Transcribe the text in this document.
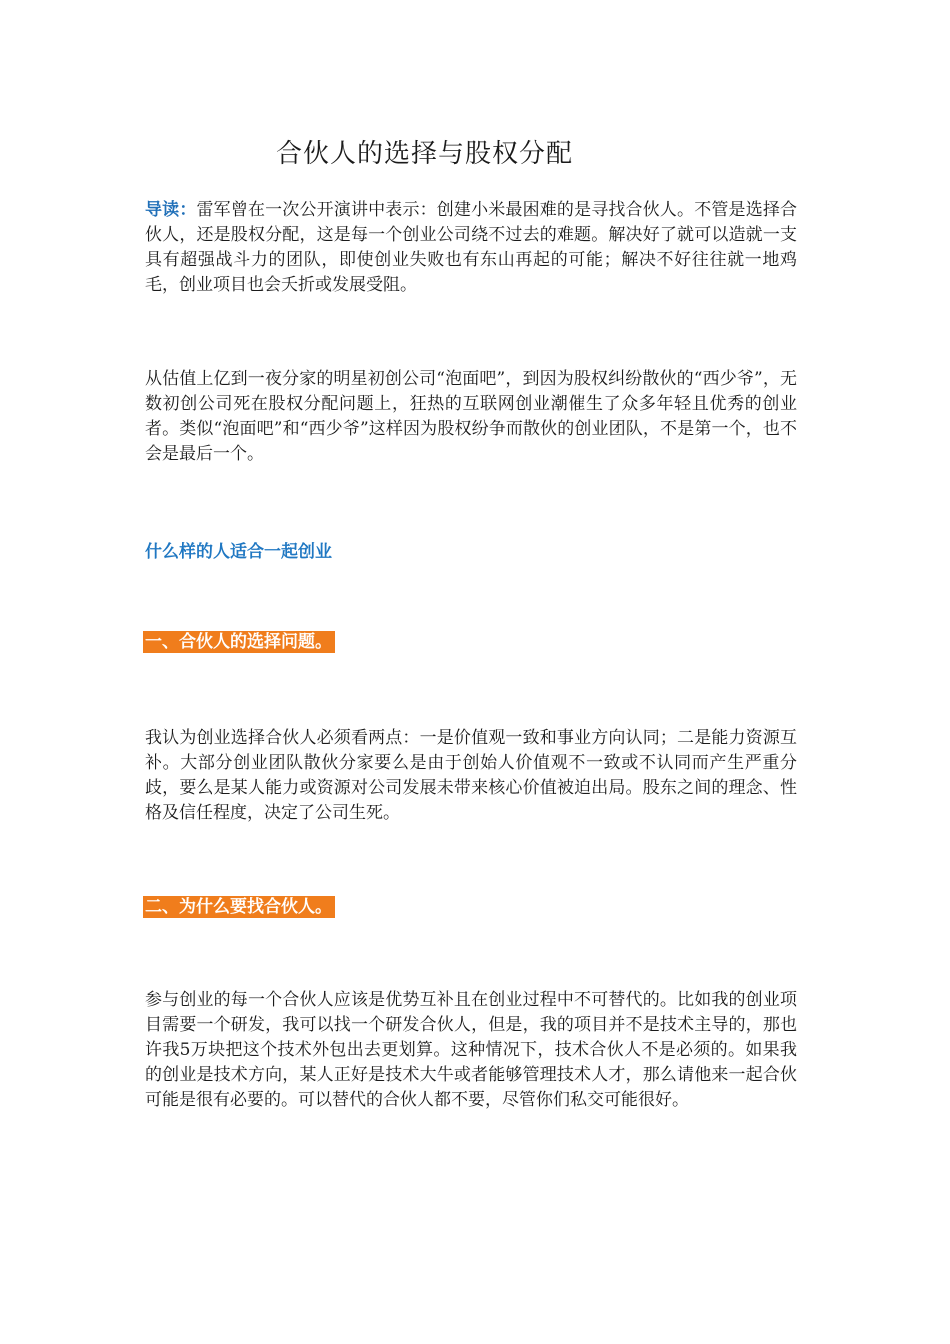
合伙人的选择与股权分配

导读：雷军曾在一次公开演讲中表示：创建小米最困难的是寻找合伙人。不管是选择合伙人，还是股权分配，这是每一个创业公司绕不过去的难题。解决好了就可以造就一支具有超强战斗力的团队，即使创业失败也有东山再起的可能；解决不好往往就一地鸡毛，创业项目也会夭折或发展受阻。

从估值上亿到一夜分家的明星初创公司“泡面吧”，到因为股权纠纷散伙的“西少爷”，无数初创公司死在股权分配问题上，狂热的互联网创业潮催生了众多年轻且优秀的创业者。类似“泡面吧”和“西少爷”这样因为股权纷争而散伙的创业团队，不是第一个，也不会是最后一个。

什么样的人适合一起创业
一、合伙人的选择问题。

我认为创业选择合伙人必须看两点：一是价值观一致和事业方向认同；二是能力资源互补。大部分创业团队散伙分家要么是由于创始人价值观不一致或不认同而产生严重分歧，要么是某人能力或资源对公司发展未带来核心价值被迫出局。股东之间的理念、性格及信任程度，决定了公司生死。

二、为什么要找合伙人。

参与创业的每一个合伙人应该是优势互补且在创业过程中不可替代的。比如我的创业项目需要一个研发，我可以找一个研发合伙人，但是，我的项目并不是技术主导的，那也许我5万块把这个技术外包出去更划算。这种情况下，技术合伙人不是必须的。如果我的创业是技术方向，某人正好是技术大牛或者能够管理技术人才，那么请他来一起合伙可能是很有必要的。可以替代的合伙人都不要，尽管你们私交可能很好。
